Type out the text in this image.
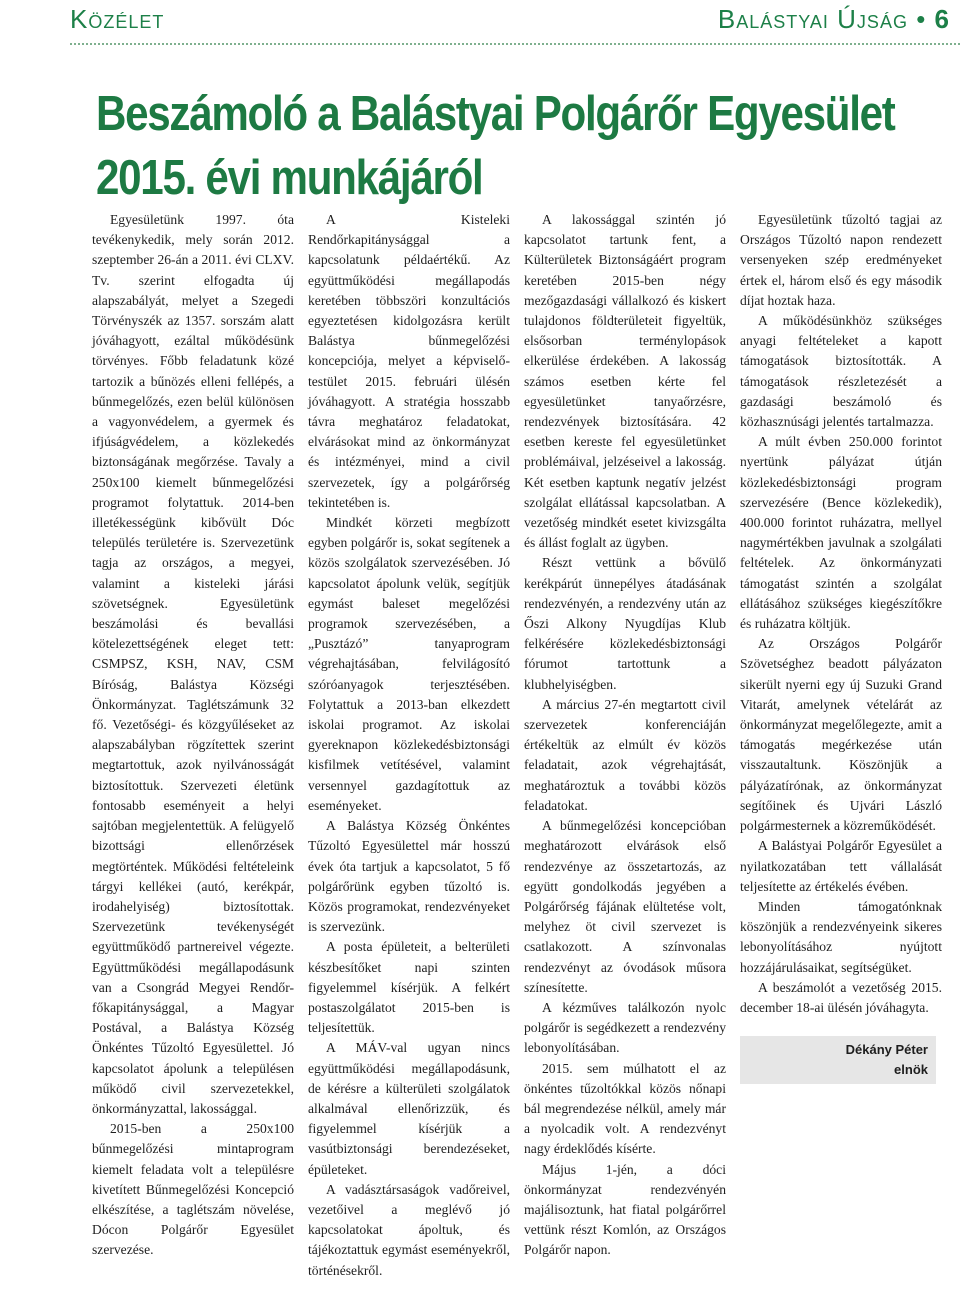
Közélet	Balástyai Újság • 6
Beszámoló a Balástyai Polgárőr Egyesület
2015. évi munkájáról

Egyesületünk 1997. óta tevékenykedik, mely során 2012. szeptember 26-án a 2011. évi CLXV. Tv. szerint elfogadta új alapszabályát, melyet a Szegedi Törvényszék az 1357. sorszám alatt jóváhagyott, ezáltal működésünk törvényes. Főbb feladatunk közé tartozik a bűnözés elleni fellépés, a bűnmegelőzés, ezen belül különösen a vagyonvédelem, a gyermek és ifjúságvédelem, a közlekedés biztonságának megőrzése. Tavaly a 250x100 kiemelt bűnmegelőzési programot folytattuk. 2014-ben illetékességünk kibővült Dóc település területére is. Szervezetünk tagja az országos, a megyei, valamint a kisteleki járási szövetségnek. Egyesületünk beszámolási és bevallási kötelezettségének eleget tett: CSMPSZ, KSH, NAV, CSM Bíróság, Balástya Községi Önkormányzat. Taglétszámunk 32 fő. Vezetőségi- és közgyűléseket az alapszabályban rögzítettek szerint megtartottuk, azok nyilvánosságát biztosítottuk. Szervezeti életünk fontosabb eseményeit a helyi sajtóban megjelentettük. A felügyelő bizottsági ellenőrzések megtörténtek. Működési feltételeink tárgyi kellékei (autó, kerékpár, irodahelyiség) biztosítottak. Szervezetünk tevékenységét együttműködő partnereivel végezte. Együttműködési megállapodásunk van a Csongrád Megyei Rendőr-főkapitánysággal, a Magyar Postával, a Balástya Község Önkéntes Tűzoltó Egyesülettel. Jó kapcsolatot ápolunk a településen működő civil szervezetekkel, önkormányzattal, lakossággal.

2015-ben a 250x100 bűnmegelőzési mintaprogram kiemelt feladata volt a településre kivetített Bűnmegelőzési Koncepció elkészítése, a taglétszám növelése, Dócon Polgárőr Egyesület szervezése.

A Kisteleki Rendőrkapitánysággal a kapcsolatunk példaértékű. Az együttműködési megállapodás keretében többszöri konzultációs egyeztetésen kidolgozásra került Balástya bűnmegelőzési koncepciója, melyet a képviselő-testület 2015. februári ülésén jóváhagyott. A stratégia hosszabb távra meghatároz feladatokat, elvárásokat mind az önkormányzat és intézményei, mind a civil szervezetek, így a polgárőrség tekintetében is.

Mindkét körzeti megbízott egyben polgárőr is, sokat segítenek a közös szolgálatok szervezésében. Jó kapcsolatot ápolunk velük, segítjük egymást baleset megelőzési programok szervezésében, a „Pusztázó” tanyaprogram végrehajtásában, felvilágosító szóróanyagok terjesztésében. Folytattuk a 2013-ban elkezdett iskolai programot. Az iskolai gyereknapon közlekedésbiztonsági kisfilmek vetítésével, valamint versennyel gazdagítottuk az eseményeket.

A Balástya Község Önkéntes Tűzoltó Egyesülettel már hosszú évek óta tartjuk a kapcsolatot, 5 fő polgárőrünk egyben tűzoltó is. Közös programokat, rendezvényeket is szervezünk.

A posta épületeit, a belterületi készbesítőket napi szinten figyelemmel kísérjük. A felkért postaszolgálatot 2015-ben is teljesítettük.

A MÁV-val ugyan nincs együttműködési megállapodásunk, de kérésre a külterületi szolgálatok alkalmával ellenőrizzük, és figyelemmel kísérjük a vasútbiztonsági berendezéseket, épületeket.

A vadásztársaságok vadőreivel, vezetőivel a meglévő jó kapcsolatokat ápoltuk, és tájékoztattuk egymást eseményekről, történésekről.

A lakossággal szintén jó kapcsolatot tartunk fent, a Külterületek Biztonságáért program keretében 2015-ben négy mezőgazdasági vállalkozó és kiskert tulajdonos földterületeit figyeltük, elsősorban terménylopások elkerülése érdekében. A lakosság számos esetben kérte fel egyesületünket tanyaőrzésre, rendezvények biztosítására. 42 esetben kereste fel egyesületünket problémáival, jelzéseivel a lakosság. Két esetben kaptunk negatív jelzést szolgálat ellátással kapcsolatban. A vezetőség mindkét esetet kivizsgálta és állást foglalt az ügyben.

Részt vettünk a bővülő kerékpárút ünnepélyes átadásának rendezvényén, a rendezvény után az Őszi Alkony Nyugdíjas Klub felkérésére közlekedésbiztonsági fórumot tartottunk a klubhelyiségben.

A március 27-én megtartott civil szervezetek konferenciáján értékeltük az elmúlt év közös feladatait, azok végrehajtását, meghatároztuk a további közös feladatokat.

A bűnmegelőzési koncepcióban meghatározott elvárások első rendezvénye az összetartozás, az együtt gondolkodás jegyében a Polgárőrség fájának elültetése volt, melyhez öt civil szervezet is csatlakozott. A színvonalas rendezvényt az óvodások műsora színesítette.

A kézműves találkozón nyolc polgárőr is segédkezett a rendezvény lebonyolításában.

2015. sem múlhatott el az önkéntes tűzoltókkal közös nőnapi bál megrendezése nélkül, amely már a nyolcadik volt. A rendezvényt nagy érdeklődés kísérte.

Május 1-jén, a dóci önkormányzat rendezvényén majálisoztunk, hat fiatal polgárőrrel vettünk részt Komlón, az Országos Polgárőr napon.

Egyesületünk tűzoltó tagjai az Országos Tűzoltó napon rendezett versenyeken szép eredményeket értek el, három első és egy második díjat hoztak haza.

A működésünkhöz szükséges anyagi feltételeket a kapott támogatások biztosították. A támogatások részletezését a gazdasági beszámoló és közhasznúsági jelentés tartalmazza.

A múlt évben 250.000 forintot nyertünk pályázat útján közlekedésbiztonsági program szervezésére (Bence közlekedik), 400.000 forintot ruházatra, mellyel nagymértékben javulnak a szolgálati feltételek. Az önkormányzati támogatást szintén a szolgálat ellátásához szükséges kiegészítőkre és ruházatra költjük.

Az Országos Polgárőr Szövetséghez beadott pályázaton sikerült nyerni egy új Suzuki Grand Vitarát, amelynek vételárát az önkormányzat megelőlegezte, amit a támogatás megérkezése után visszautaltunk. Köszönjük a pályázatírónak, az önkormányzat segítőinek és Ujvári László polgármesternek a közreműködését.

A Balástyai Polgárőr Egyesület a nyilatkozatában tett vállalását teljesítette az értékelés évében.

Minden támogatónknak köszönjük a rendezvényeink sikeres lebonyolításához nyújtott hozzájárulásaikat, segítségüket.

A beszámolót a vezetőség 2015. december 18-ai ülésén jóváhagyta.

Dékány Péter
elnök
